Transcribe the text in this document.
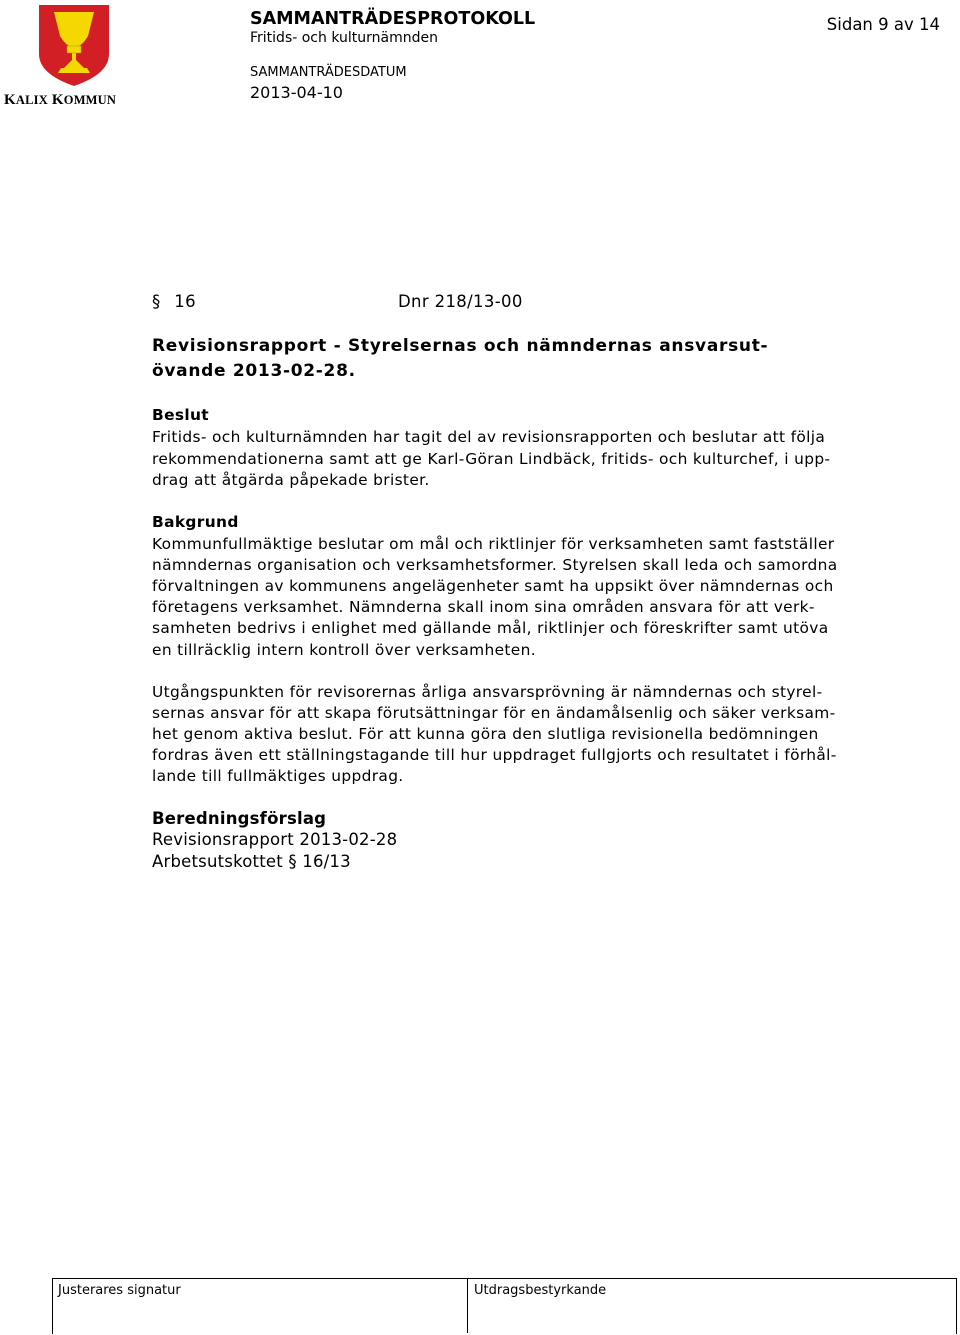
KALIX KOMMUN
SAMMANTRÄDESPROTOKOLL
Fritids- och kulturnämnden
SAMMANTRÄDESDATUM
2013-04-10
Sidan 9 av 14
§ 16	Dnr 218/13-00
Revisionsrapport - Styrelsernas och nämndernas ansvarsut-
övande 2013-02-28.
Beslut
Fritids- och kulturnämnden har tagit del av revisionsrapporten och beslutar att följa
rekommendationerna samt att ge Karl-Göran Lindbäck, fritids- och kulturchef, i upp-
drag att åtgärda påpekade brister.
Bakgrund
Kommunfullmäktige beslutar om mål och riktlinjer för verksamheten samt fastställer
nämndernas organisation och verksamhetsformer. Styrelsen skall leda och samordna
förvaltningen av kommunens angelägenheter samt ha uppsikt över nämndernas och
företagens verksamhet. Nämnderna skall inom sina områden ansvara för att verk-
samheten bedrivs i enlighet med gällande mål, riktlinjer och föreskrifter samt utöva
en tillräcklig intern kontroll över verksamheten.
Utgångspunkten för revisorernas årliga ansvarsprövning är nämndernas och styrel-
sernas ansvar för att skapa förutsättningar för en ändamålsenlig och säker verksam-
het genom aktiva beslut. För att kunna göra den slutliga revisionella bedömningen
fordras även ett ställningstagande till hur uppdraget fullgjorts och resultatet i förhål-
lande till fullmäktiges uppdrag.
Beredningsförslag
Revisionsrapport 2013-02-28
Arbetsutskottet § 16/13
Justerares signatur	Utdragsbestyrkande
